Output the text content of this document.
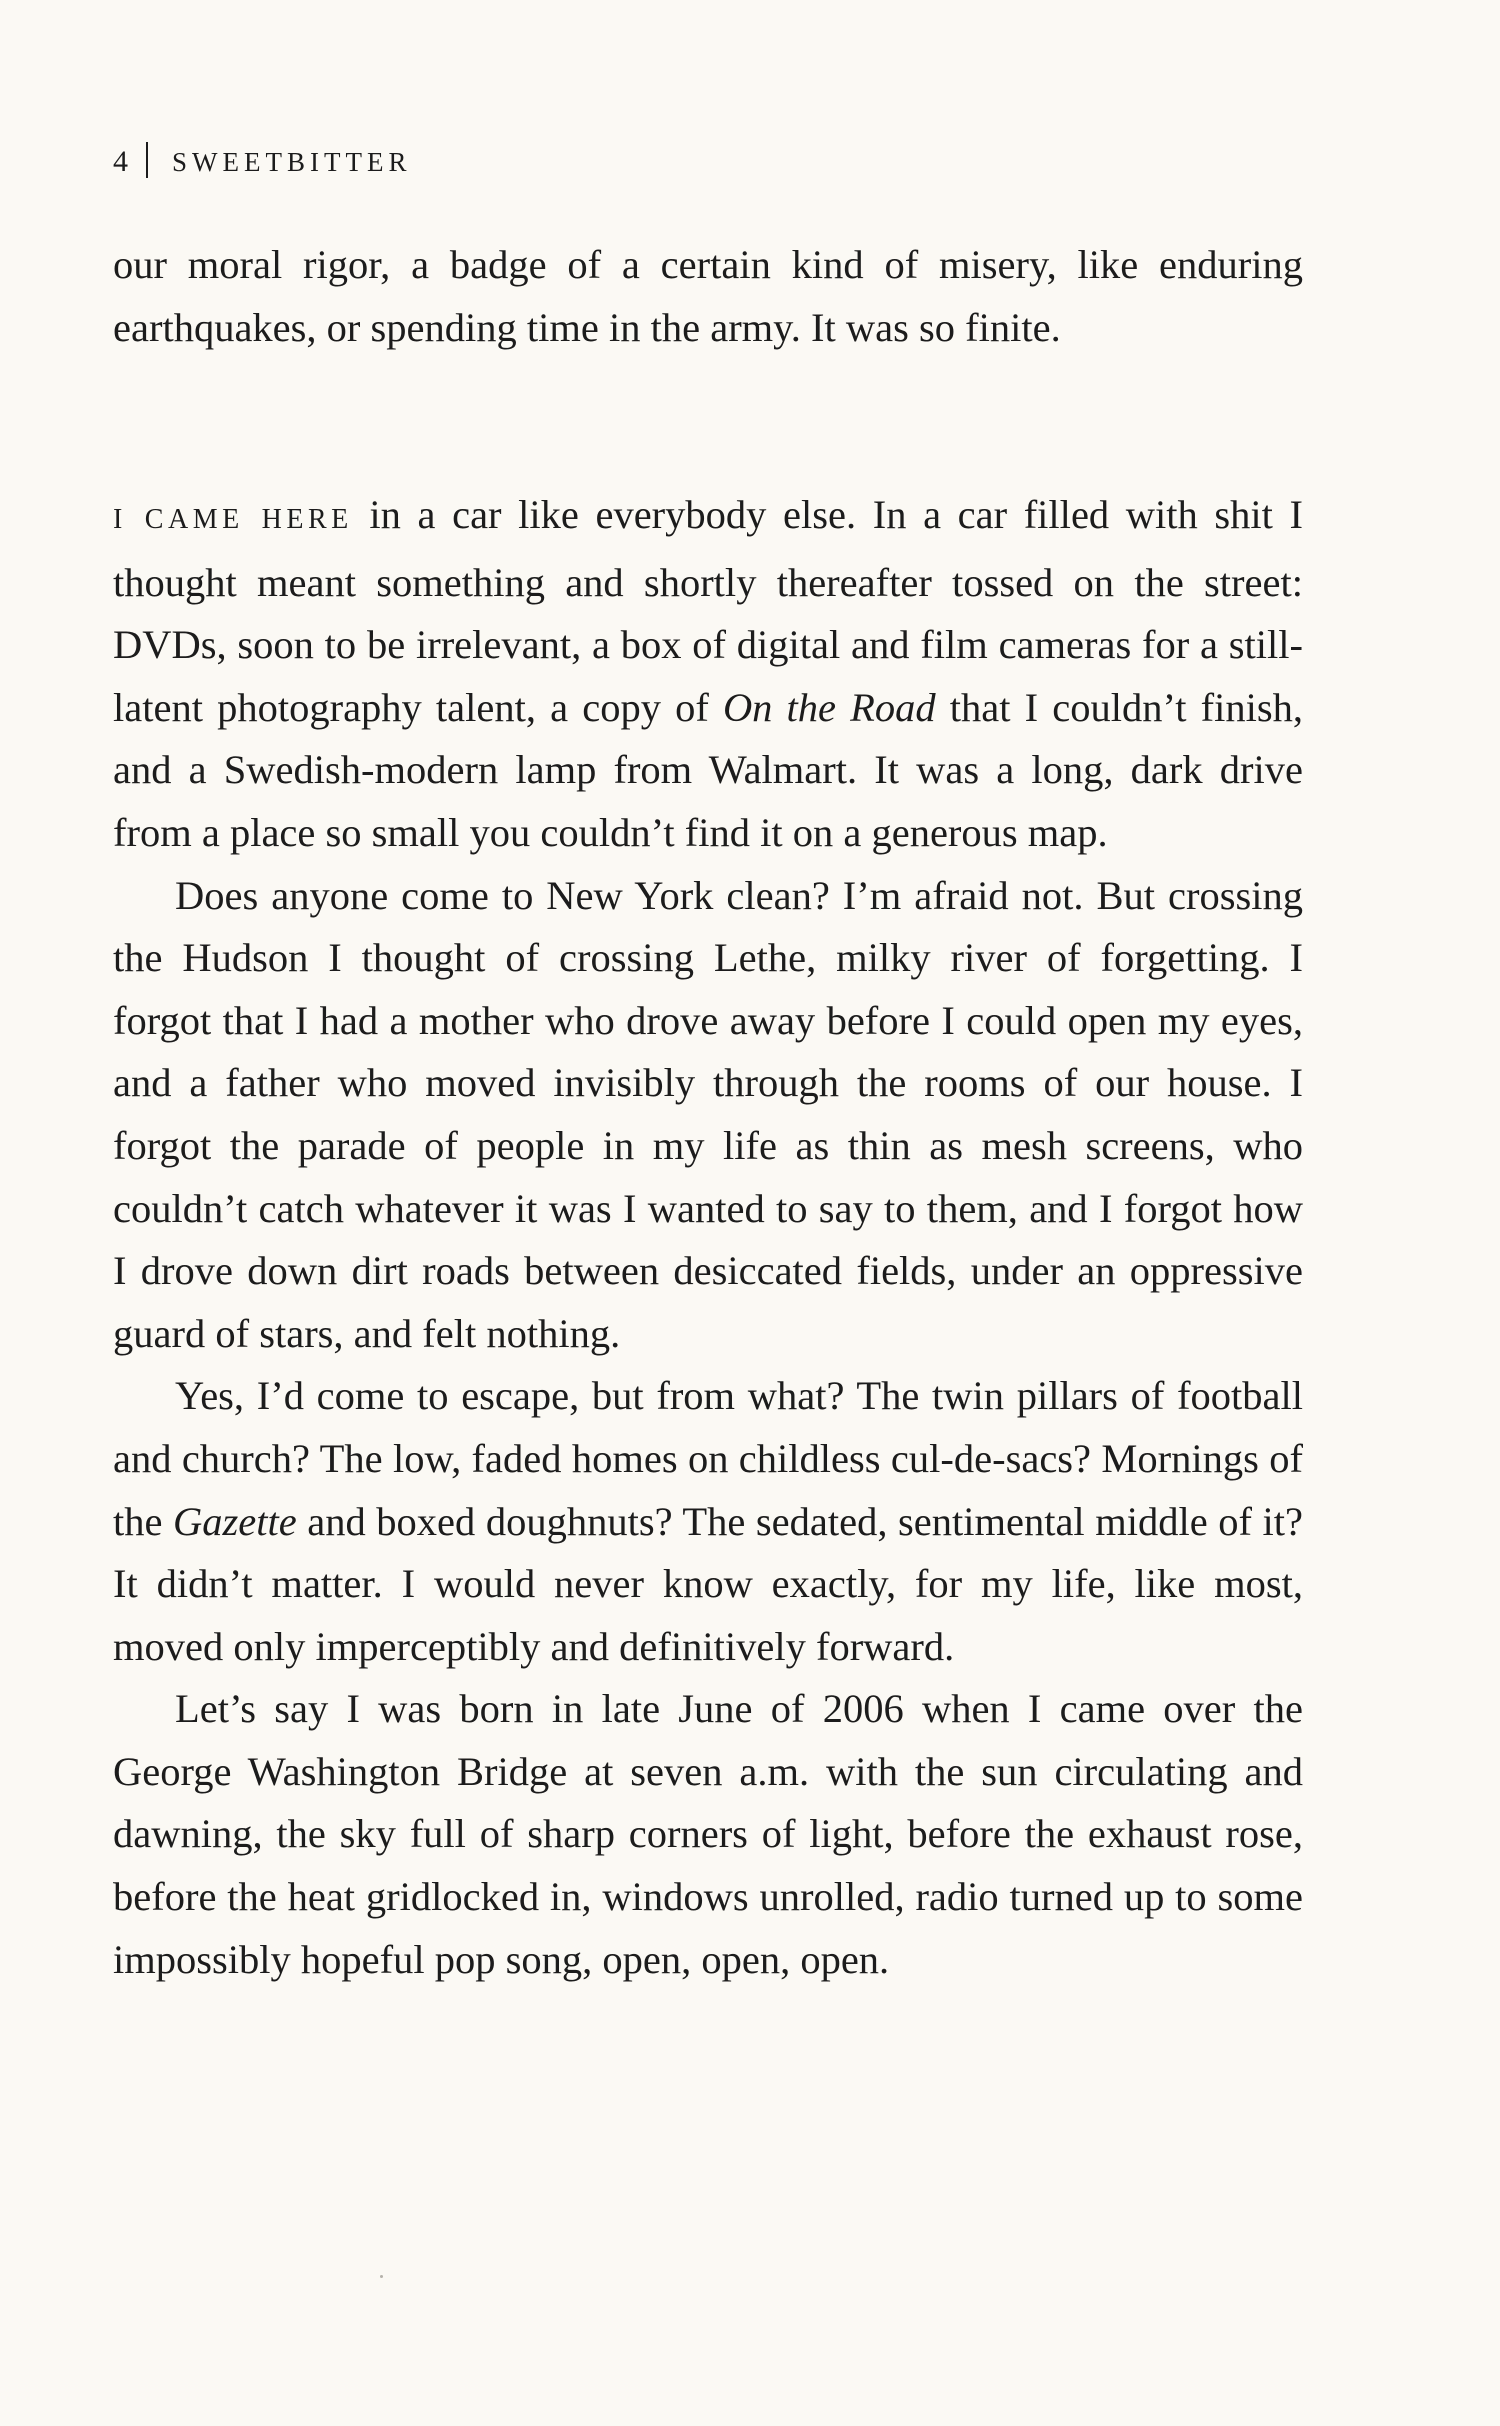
4 SWEETBITTER

our moral rigor, a badge of a certain kind of misery, like enduring earthquakes, or spending time in the army. It was so finite.

I CAME HERE in a car like everybody else. In a car filled with shit I thought meant something and shortly thereafter tossed on the street: DVDs, soon to be irrelevant, a box of digital and film cameras for a still-latent photography talent, a copy of On the Road that I couldn’t finish, and a Swedish-modern lamp from Walmart. It was a long, dark drive from a place so small you couldn’t find it on a generous map.

Does anyone come to New York clean? I’m afraid not. But crossing the Hudson I thought of crossing Lethe, milky river of forgetting. I forgot that I had a mother who drove away before I could open my eyes, and a father who moved invisibly through the rooms of our house. I forgot the parade of people in my life as thin as mesh screens, who couldn’t catch whatever it was I wanted to say to them, and I forgot how I drove down dirt roads between desiccated fields, under an oppressive guard of stars, and felt nothing.

Yes, I’d come to escape, but from what? The twin pillars of football and church? The low, faded homes on childless cul-de-sacs? Mornings of the Gazette and boxed doughnuts? The sedated, sentimental middle of it? It didn’t matter. I would never know exactly, for my life, like most, moved only imperceptibly and definitively forward.

Let’s say I was born in late June of 2006 when I came over the George Washington Bridge at seven a.m. with the sun circulating and dawning, the sky full of sharp corners of light, before the exhaust rose, before the heat gridlocked in, windows unrolled, radio turned up to some impossibly hopeful pop song, open, open, open.
